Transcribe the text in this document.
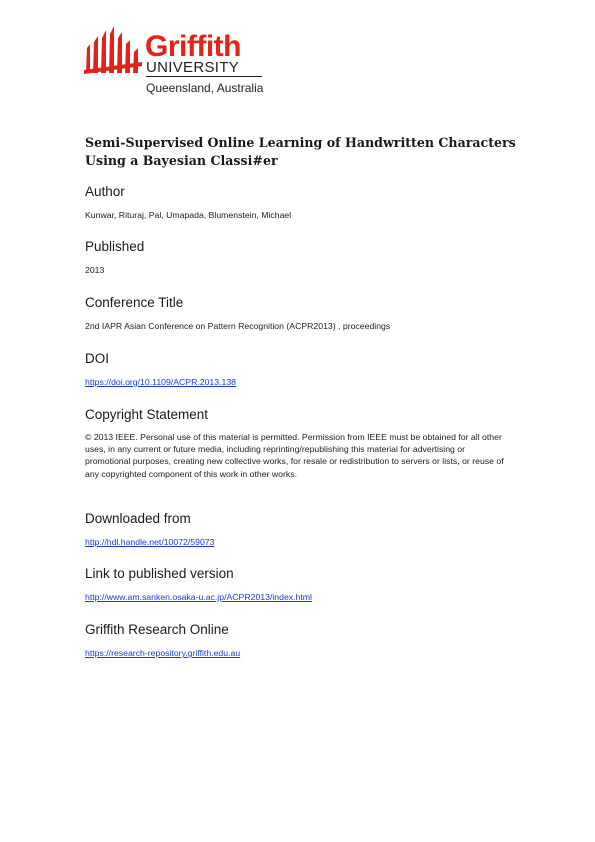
Griffith
UNIVERSITY
Queensland, Australia
Semi-Supervised Online Learning of Handwritten Characters Using a Bayesian Classi#er
Author
Kunwar, Rituraj, Pal, Umapada, Blumenstein, Michael
Published
2013
Conference Title
2nd IAPR Asian Conference on Pattern Recognition (ACPR2013) , proceedings
DOI
https://doi.org/10.1109/ACPR.2013.138
Copyright Statement
© 2013 IEEE. Personal use of this material is permitted. Permission from IEEE must be obtained for all other uses, in any current or future media, including reprinting/republishing this material for advertising or promotional purposes, creating new collective works, for resale or redistribution to servers or lists, or reuse of any copyrighted component of this work in other works.
Downloaded from
http://hdl.handle.net/10072/59073
Link to published version
http://www.am.sanken.osaka-u.ac.jp/ACPR2013/index.html
Griffith Research Online
https://research-repository.griffith.edu.au
